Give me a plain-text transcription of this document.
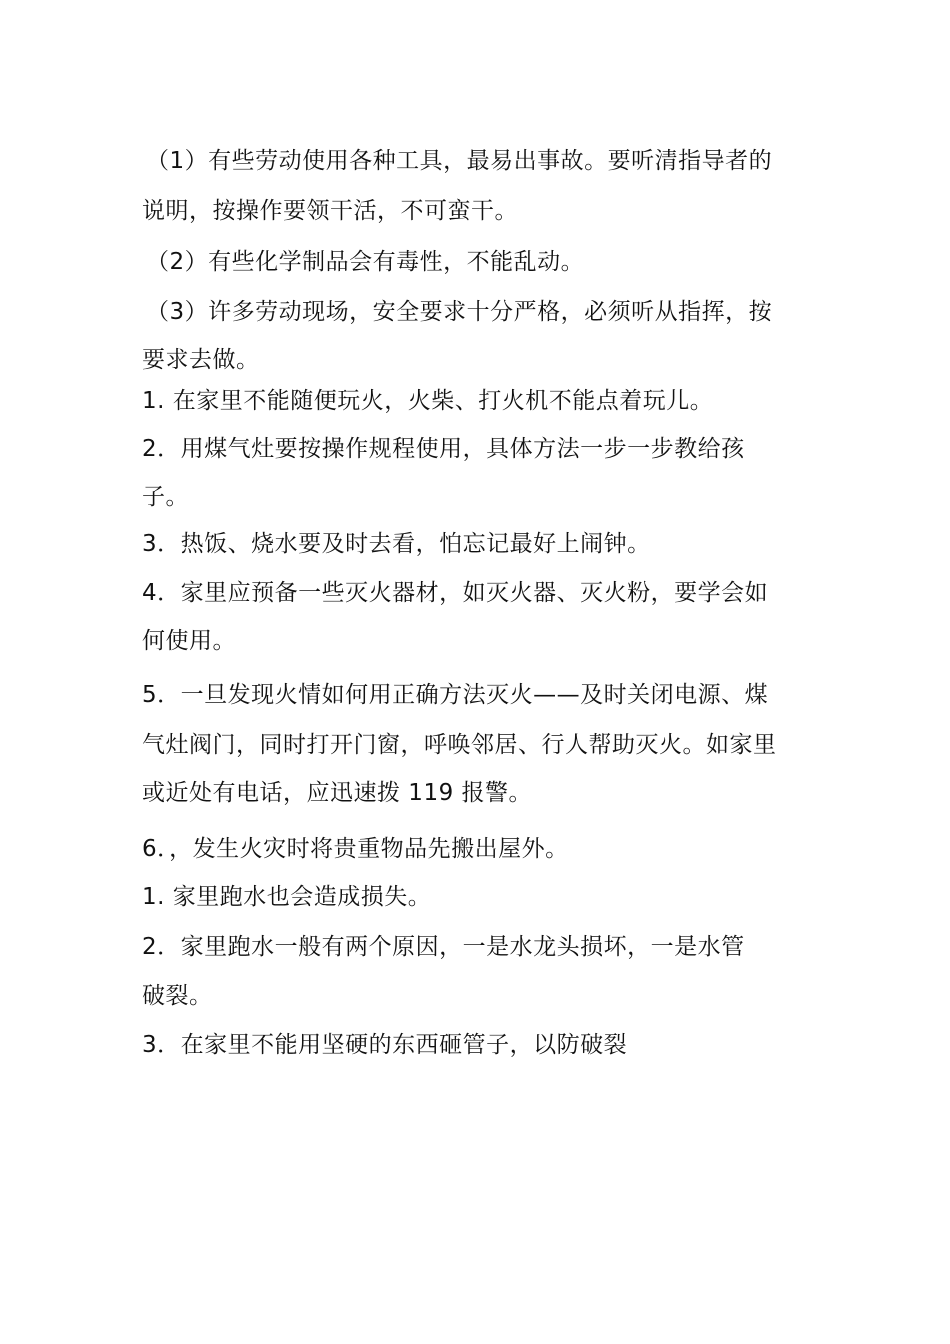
（1）有些劳动使用各种工具，最易出事故。要听清指导者的
说明，按操作要领干活，不可蛮干。
（2）有些化学制品会有毒性，不能乱动。
（3）许多劳动现场，安全要求十分严格，必须听从指挥，按
要求去做。
1. 在家里不能随便玩火，火柴、打火机不能点着玩儿。
2．用煤气灶要按操作规程使用，具体方法一步一步教给孩
子。
3．热饭、烧水要及时去看，怕忘记最好上闹钟。
4．家里应预备一些灭火器材，如灭火器、灭火粉，要学会如
何使用。
5．一旦发现火情如何用正确方法灭火——及时关闭电源、煤
气灶阀门，同时打开门窗，呼唤邻居、行人帮助灭火。如家里
或近处有电话，应迅速拨 119 报警。
6．，发生火灾时将贵重物品先搬出屋外。
1. 家里跑水也会造成损失。
2．家里跑水一般有两个原因，一是水龙头损坏，一是水管
破裂。
3．在家里不能用坚硬的东西砸管子，以防破裂
